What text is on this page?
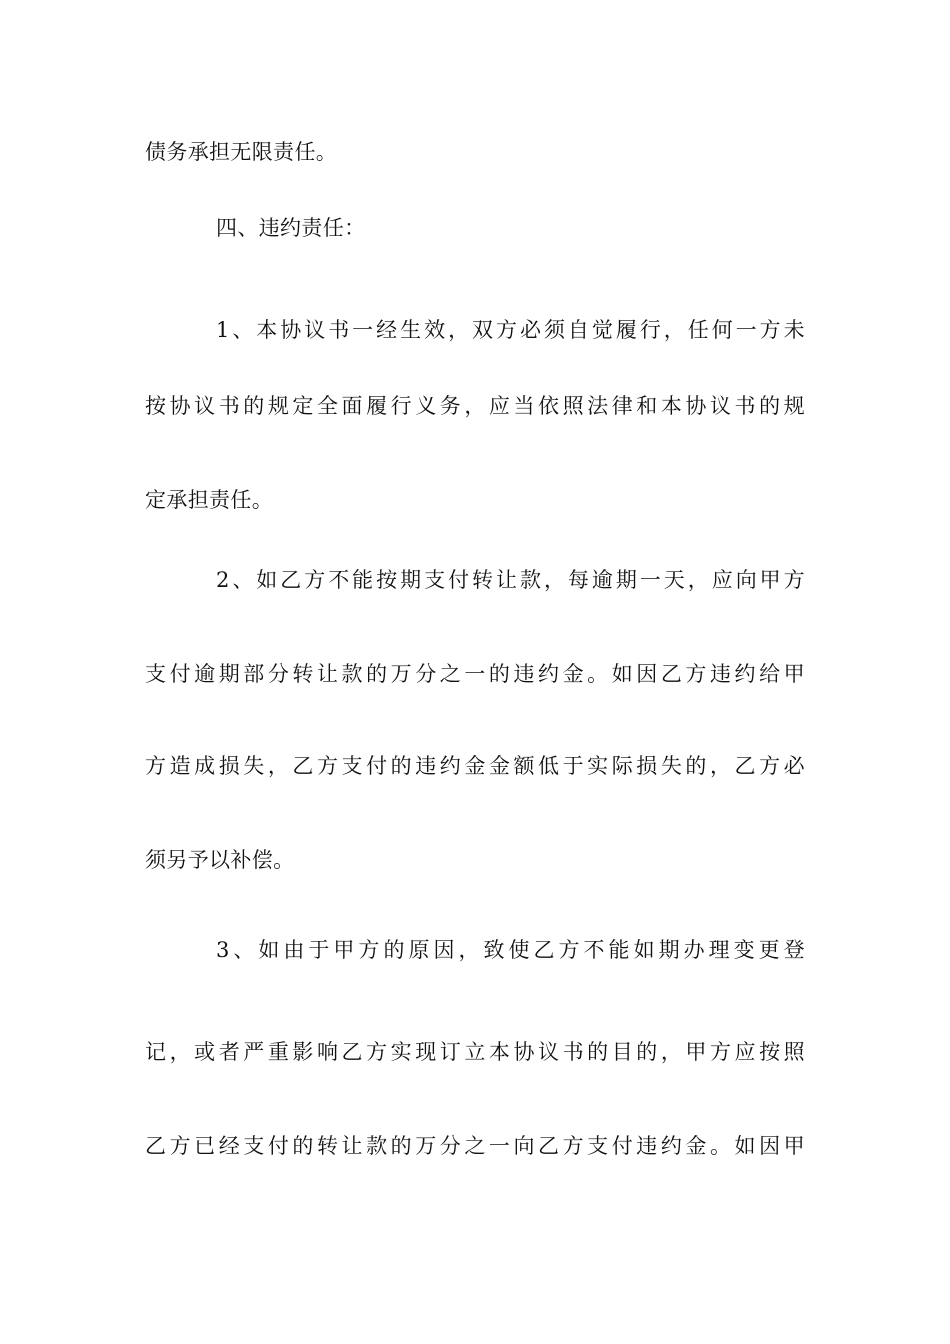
债务承担无限责任。
四、违约责任：
1、本协议书一经生效，双方必须自觉履行，任何一方未
按协议书的规定全面履行义务，应当依照法律和本协议书的规
定承担责任。
2、如乙方不能按期支付转让款，每逾期一天，应向甲方
支付逾期部分转让款的万分之一的违约金。如因乙方违约给甲
方造成损失，乙方支付的违约金金额低于实际损失的，乙方必
须另予以补偿。
3、如由于甲方的原因，致使乙方不能如期办理变更登
记，或者严重影响乙方实现订立本协议书的目的，甲方应按照
乙方已经支付的转让款的万分之一向乙方支付违约金。如因甲
